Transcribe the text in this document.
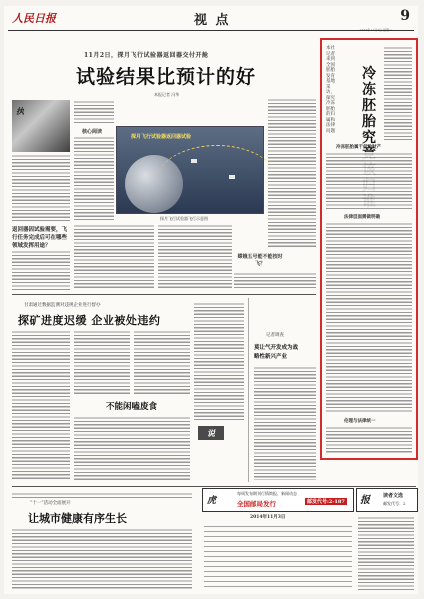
人民日报	视 点	9
11月2日，探月飞行试验器返回器交付开舱
试验结果比预计的好
本报记者 冯华
执
核心阅读
探月飞行试验器返回器试验
探月飞行试验器飞行示意图
返回器因试验需要，飞行任务完成后可在哪些领域发挥用途？
嫦娥五号能不能按时飞？
甘肃通过数据监测对违规企业进行督办
探矿进度迟缓 企业被处违约
不能闲嗑废食
记者调查
莫让气开发成为战略性新兴产业
说
本社记者来到全国胚胎发育基地采访，探究冷冻胚胎的归属和法律问题
冷冻胚胎究
冷冻胚胎属于何种财产
法律层面需做明确
伦理与法律统一
“十一”活动全面展开
让城市健康有序生长
虎
每周发布期刊行情简报、新闻动态
全国邮局发行	邮发代号:2-187
2014年11月3日
报	读者文选
邮发代号：2
